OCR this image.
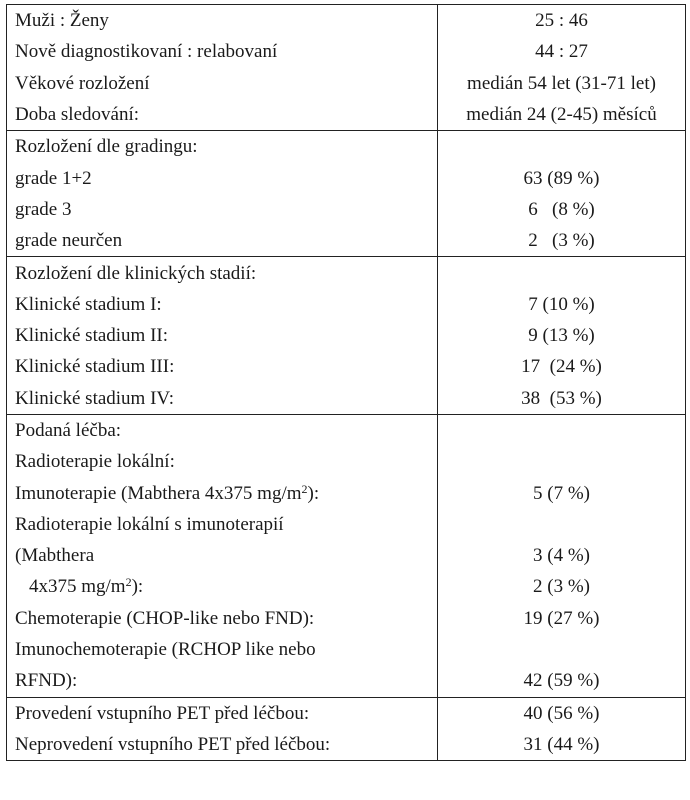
Muži : Ženy	25 : 46
Nově diagnostikovaní : relabovaní	44 : 27
Věkové rozložení	medián 54 let (31-71 let)
Doba sledování:	medián 24 (2-45) měsíců
Rozložení dle gradingu:	
grade 1+2	63 (89 %)
grade 3	6   (8 %)
grade neurčen	2   (3 %)
Rozložení dle klinických stadií:	
Klinické stadium I:	7 (10 %)
Klinické stadium II:	9 (13 %)
Klinické stadium III:	17  (24 %)
Klinické stadium IV:	38  (53 %)
Podaná léčba:	
Radioterapie lokální:	
Imunoterapie (Mabthera 4x375 $mg/m^2$):	5 (7 %)
Radioterapie lokální s imunoterapií	
(Mabthera	3 (4 %)
4x375 $mg/m^2$):	2 (3 %)
Chemoterapie (CHOP-like nebo FND):	19 (27 %)
Imunochemoterapie (RCHOP like nebo	
RFND):	42 (59 %)
Provedení vstupního PET před léčbou:	40 (56 %)
Neprovedení vstupního PET před léčbou:	31 (44 %)
